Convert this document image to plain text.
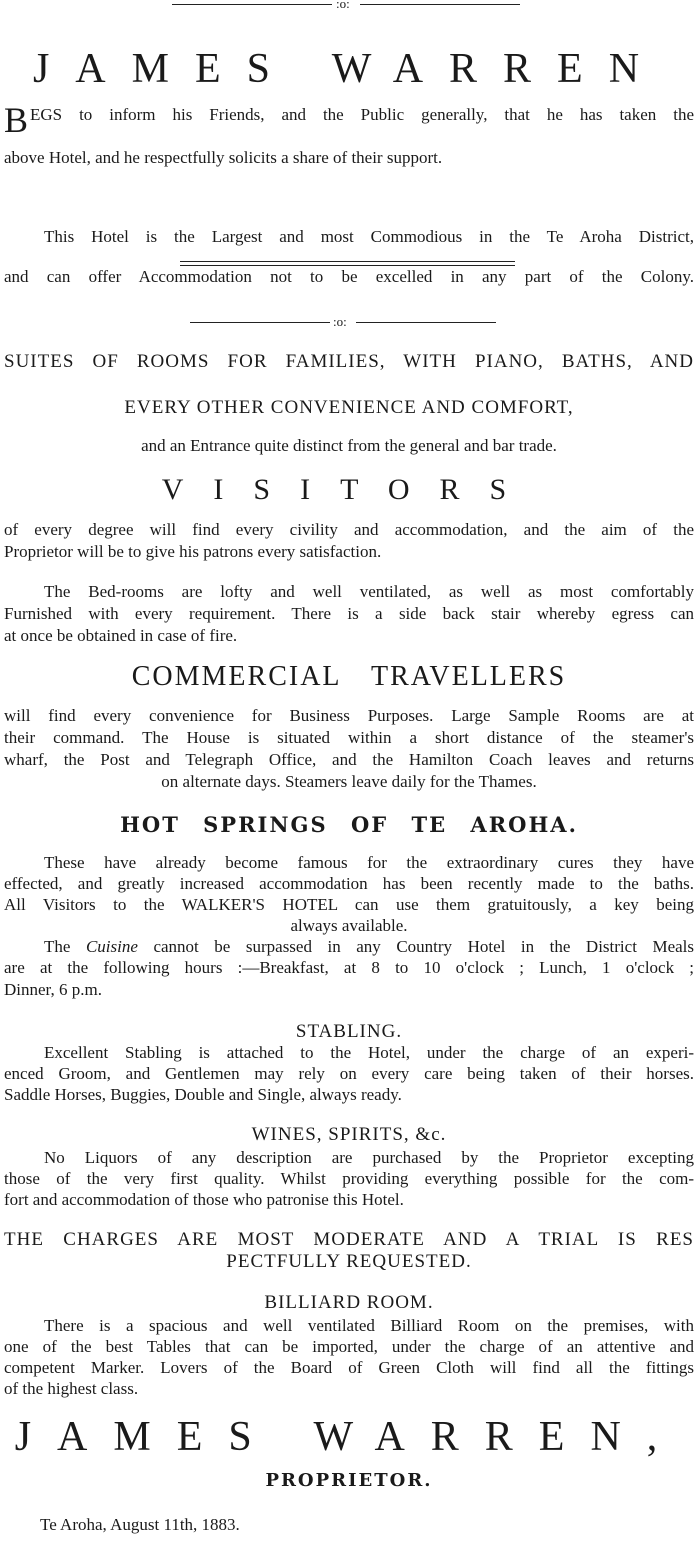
:o:
JAMES WARREN
BEGS to inform his Friends, and the Public generally, that he has taken the
above Hotel, and he respectfully solicits a share of their support.
This Hotel is the Largest and most Commodious in the Te Aroha District,
and can offer Accommodation not to be excelled in any part of the Colony.
:o:
SUITES OF ROOMS FOR FAMILIES, WITH PIANO, BATHS, AND
EVERY OTHER CONVENIENCE AND COMFORT,
and an Entrance quite distinct from the general and bar trade.
VISITORS
of every degree will find every civility and accommodation, and the aim of the
Proprietor will be to give his patrons every satisfaction.
The Bed-rooms are lofty and well ventilated, as well as most comfortably
Furnished with every requirement. There is a side back stair whereby egress can
at once be obtained in case of fire.
COMMERCIAL TRAVELLERS
will find every convenience for Business Purposes. Large Sample Rooms are at
their command. The House is situated within a short distance of the steamer's
wharf, the Post and Telegraph Office, and the Hamilton Coach leaves and returns
on alternate days. Steamers leave daily for the Thames.
HOT SPRINGS OF TE AROHA.
These have already become famous for the extraordinary cures they have
effected, and greatly increased accommodation has been recently made to the baths.
All Visitors to the WALKER'S HOTEL can use them gratuitously, a key being
always available.
The Cuisine cannot be surpassed in any Country Hotel in the District Meals
are at the following hours :—Breakfast, at 8 to 10 o'clock ; Lunch, 1 o'clock ;
Dinner, 6 p.m.
STABLING.
Excellent Stabling is attached to the Hotel, under the charge of an experi-
enced Groom, and Gentlemen may rely on every care being taken of their horses.
Saddle Horses, Buggies, Double and Single, always ready.
WINES, SPIRITS, &c.
No Liquors of any description are purchased by the Proprietor excepting
those of the very first quality. Whilst providing everything possible for the com-
fort and accommodation of those who patronise this Hotel.
THE CHARGES ARE MOST MODERATE AND A TRIAL IS RES
PECTFULLY REQUESTED.
BILLIARD ROOM.
There is a spacious and well ventilated Billiard Room on the premises, with
one of the best Tables that can be imported, under the charge of an attentive and
competent Marker. Lovers of the Board of Green Cloth will find all the fittings
of the highest class.
JAMES WARREN,
PROPRIETOR.
Te Aroha, August 11th, 1883.
